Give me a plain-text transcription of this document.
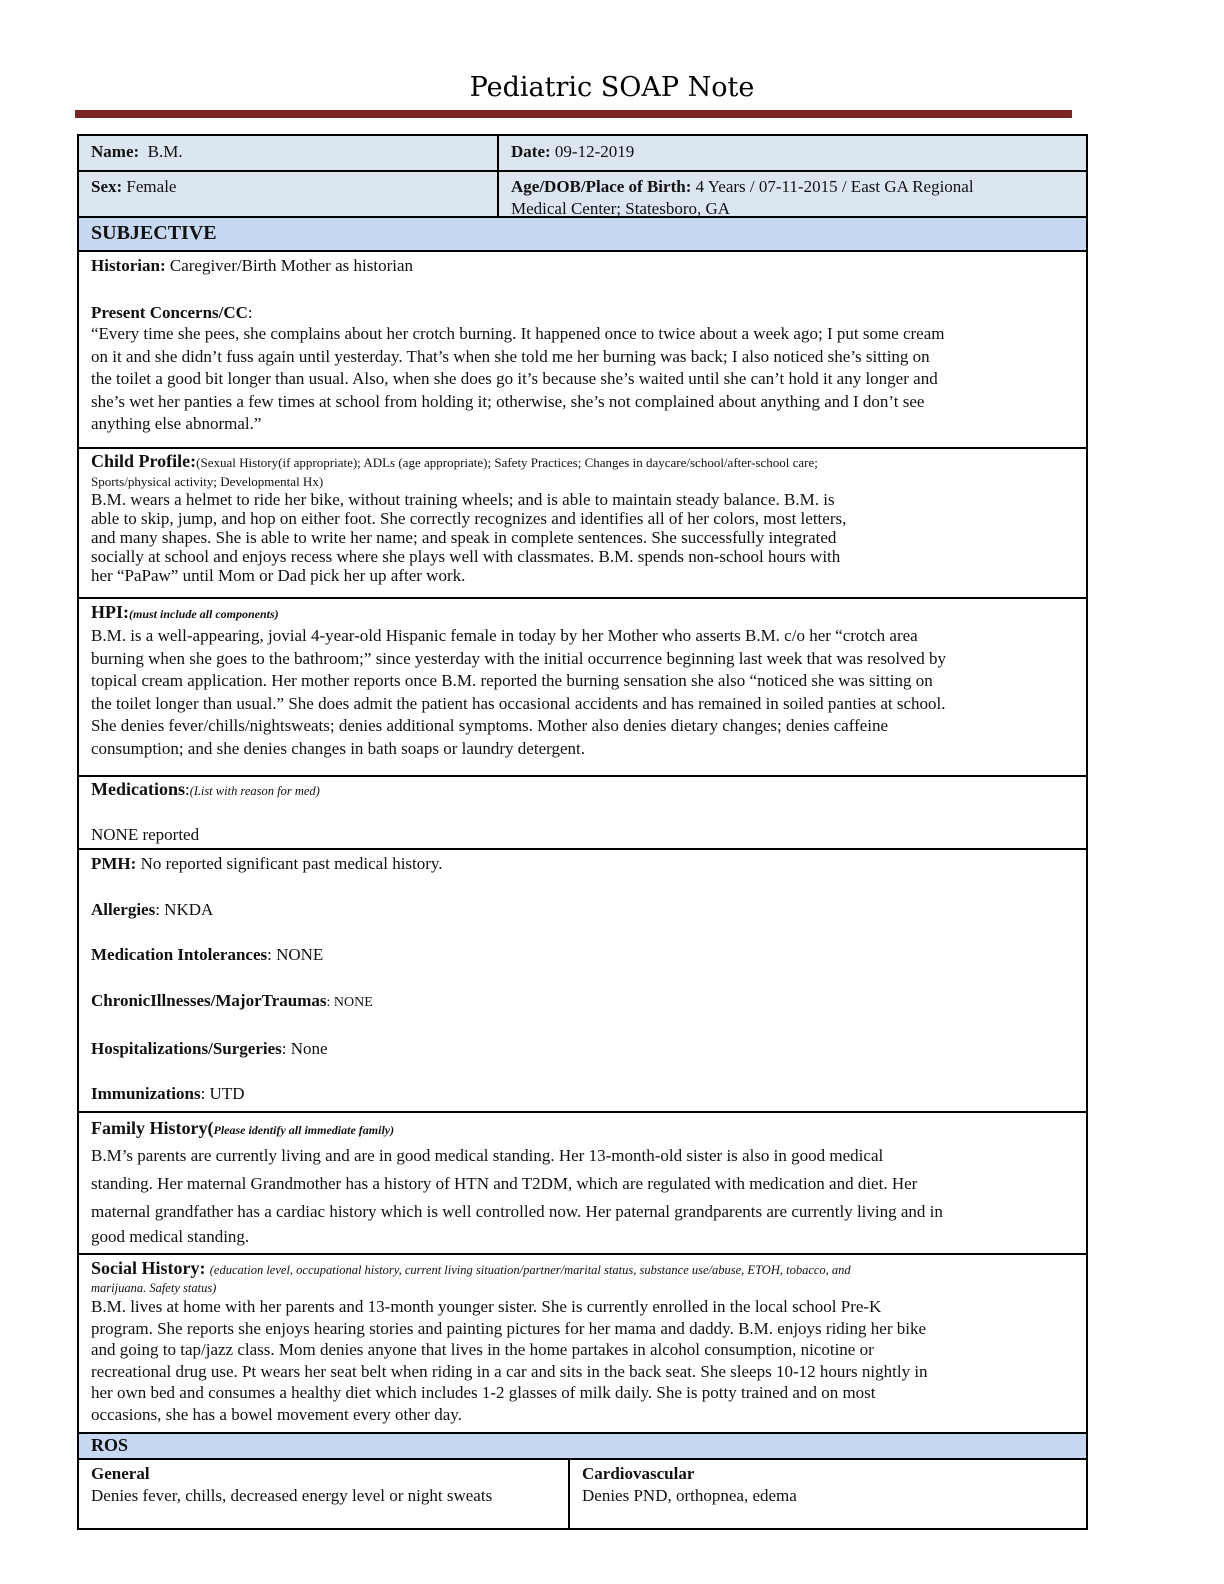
Pediatric SOAP Note
Name: B.M.	Date: 09-12-2019
Sex: Female	Age/DOB/Place of Birth: 4 Years / 07-11-2015 / East GA Regional
Medical Center; Statesboro, GA
SUBJECTIVE
Historian: Caregiver/Birth Mother as historian
Present Concerns/CC:
“Every time she pees, she complains about her crotch burning. It happened once to twice about a week ago; I put some cream
on it and she didn’t fuss again until yesterday. That’s when she told me her burning was back; I also noticed she’s sitting on
the toilet a good bit longer than usual. Also, when she does go it’s because she’s waited until she can’t hold it any longer and
she’s wet her panties a few times at school from holding it; otherwise, she’s not complained about anything and I don’t see
anything else abnormal.”
Child Profile:(Sexual History(if appropriate); ADLs (age appropriate); Safety Practices; Changes in daycare/school/after-school care;
Sports/physical activity; Developmental Hx)
B.M. wears a helmet to ride her bike, without training wheels; and is able to maintain steady balance. B.M. is
able to skip, jump, and hop on either foot. She correctly recognizes and identifies all of her colors, most letters,
and many shapes. She is able to write her name; and speak in complete sentences. She successfully integrated
socially at school and enjoys recess where she plays well with classmates. B.M. spends non-school hours with
her “PaPaw” until Mom or Dad pick her up after work.
HPI:(must include all components)
B.M. is a well-appearing, jovial 4-year-old Hispanic female in today by her Mother who asserts B.M. c/o her “crotch area
burning when she goes to the bathroom;” since yesterday with the initial occurrence beginning last week that was resolved by
topical cream application. Her mother reports once B.M. reported the burning sensation she also “noticed she was sitting on
the toilet longer than usual.” She does admit the patient has occasional accidents and has remained in soiled panties at school.
She denies fever/chills/nightsweats; denies additional symptoms. Mother also denies dietary changes; denies caffeine
consumption; and she denies changes in bath soaps or laundry detergent.
Medications:(List with reason for med)
NONE reported
PMH: No reported significant past medical history.
Allergies: NKDA
Medication Intolerances: NONE
ChronicIllnesses/MajorTraumas: NONE
Hospitalizations/Surgeries: None
Immunizations: UTD
Family History(Please identify all immediate family)
B.M’s parents are currently living and are in good medical standing. Her 13-month-old sister is also in good medical
standing. Her maternal Grandmother has a history of HTN and T2DM, which are regulated with medication and diet. Her
maternal grandfather has a cardiac history which is well controlled now. Her paternal grandparents are currently living and in
good medical standing.
Social History: (education level, occupational history, current living situation/partner/marital status, substance use/abuse, ETOH, tobacco, and
marijuana. Safety status)
B.M. lives at home with her parents and 13-month younger sister. She is currently enrolled in the local school Pre-K
program. She reports she enjoys hearing stories and painting pictures for her mama and daddy. B.M. enjoys riding her bike
and going to tap/jazz class. Mom denies anyone that lives in the home partakes in alcohol consumption, nicotine or
recreational drug use. Pt wears her seat belt when riding in a car and sits in the back seat. She sleeps 10-12 hours nightly in
her own bed and consumes a healthy diet which includes 1-2 glasses of milk daily. She is potty trained and on most
occasions, she has a bowel movement every other day.
ROS
General
Denies fever, chills, decreased energy level or night sweats
Cardiovascular
Denies PND, orthopnea, edema
